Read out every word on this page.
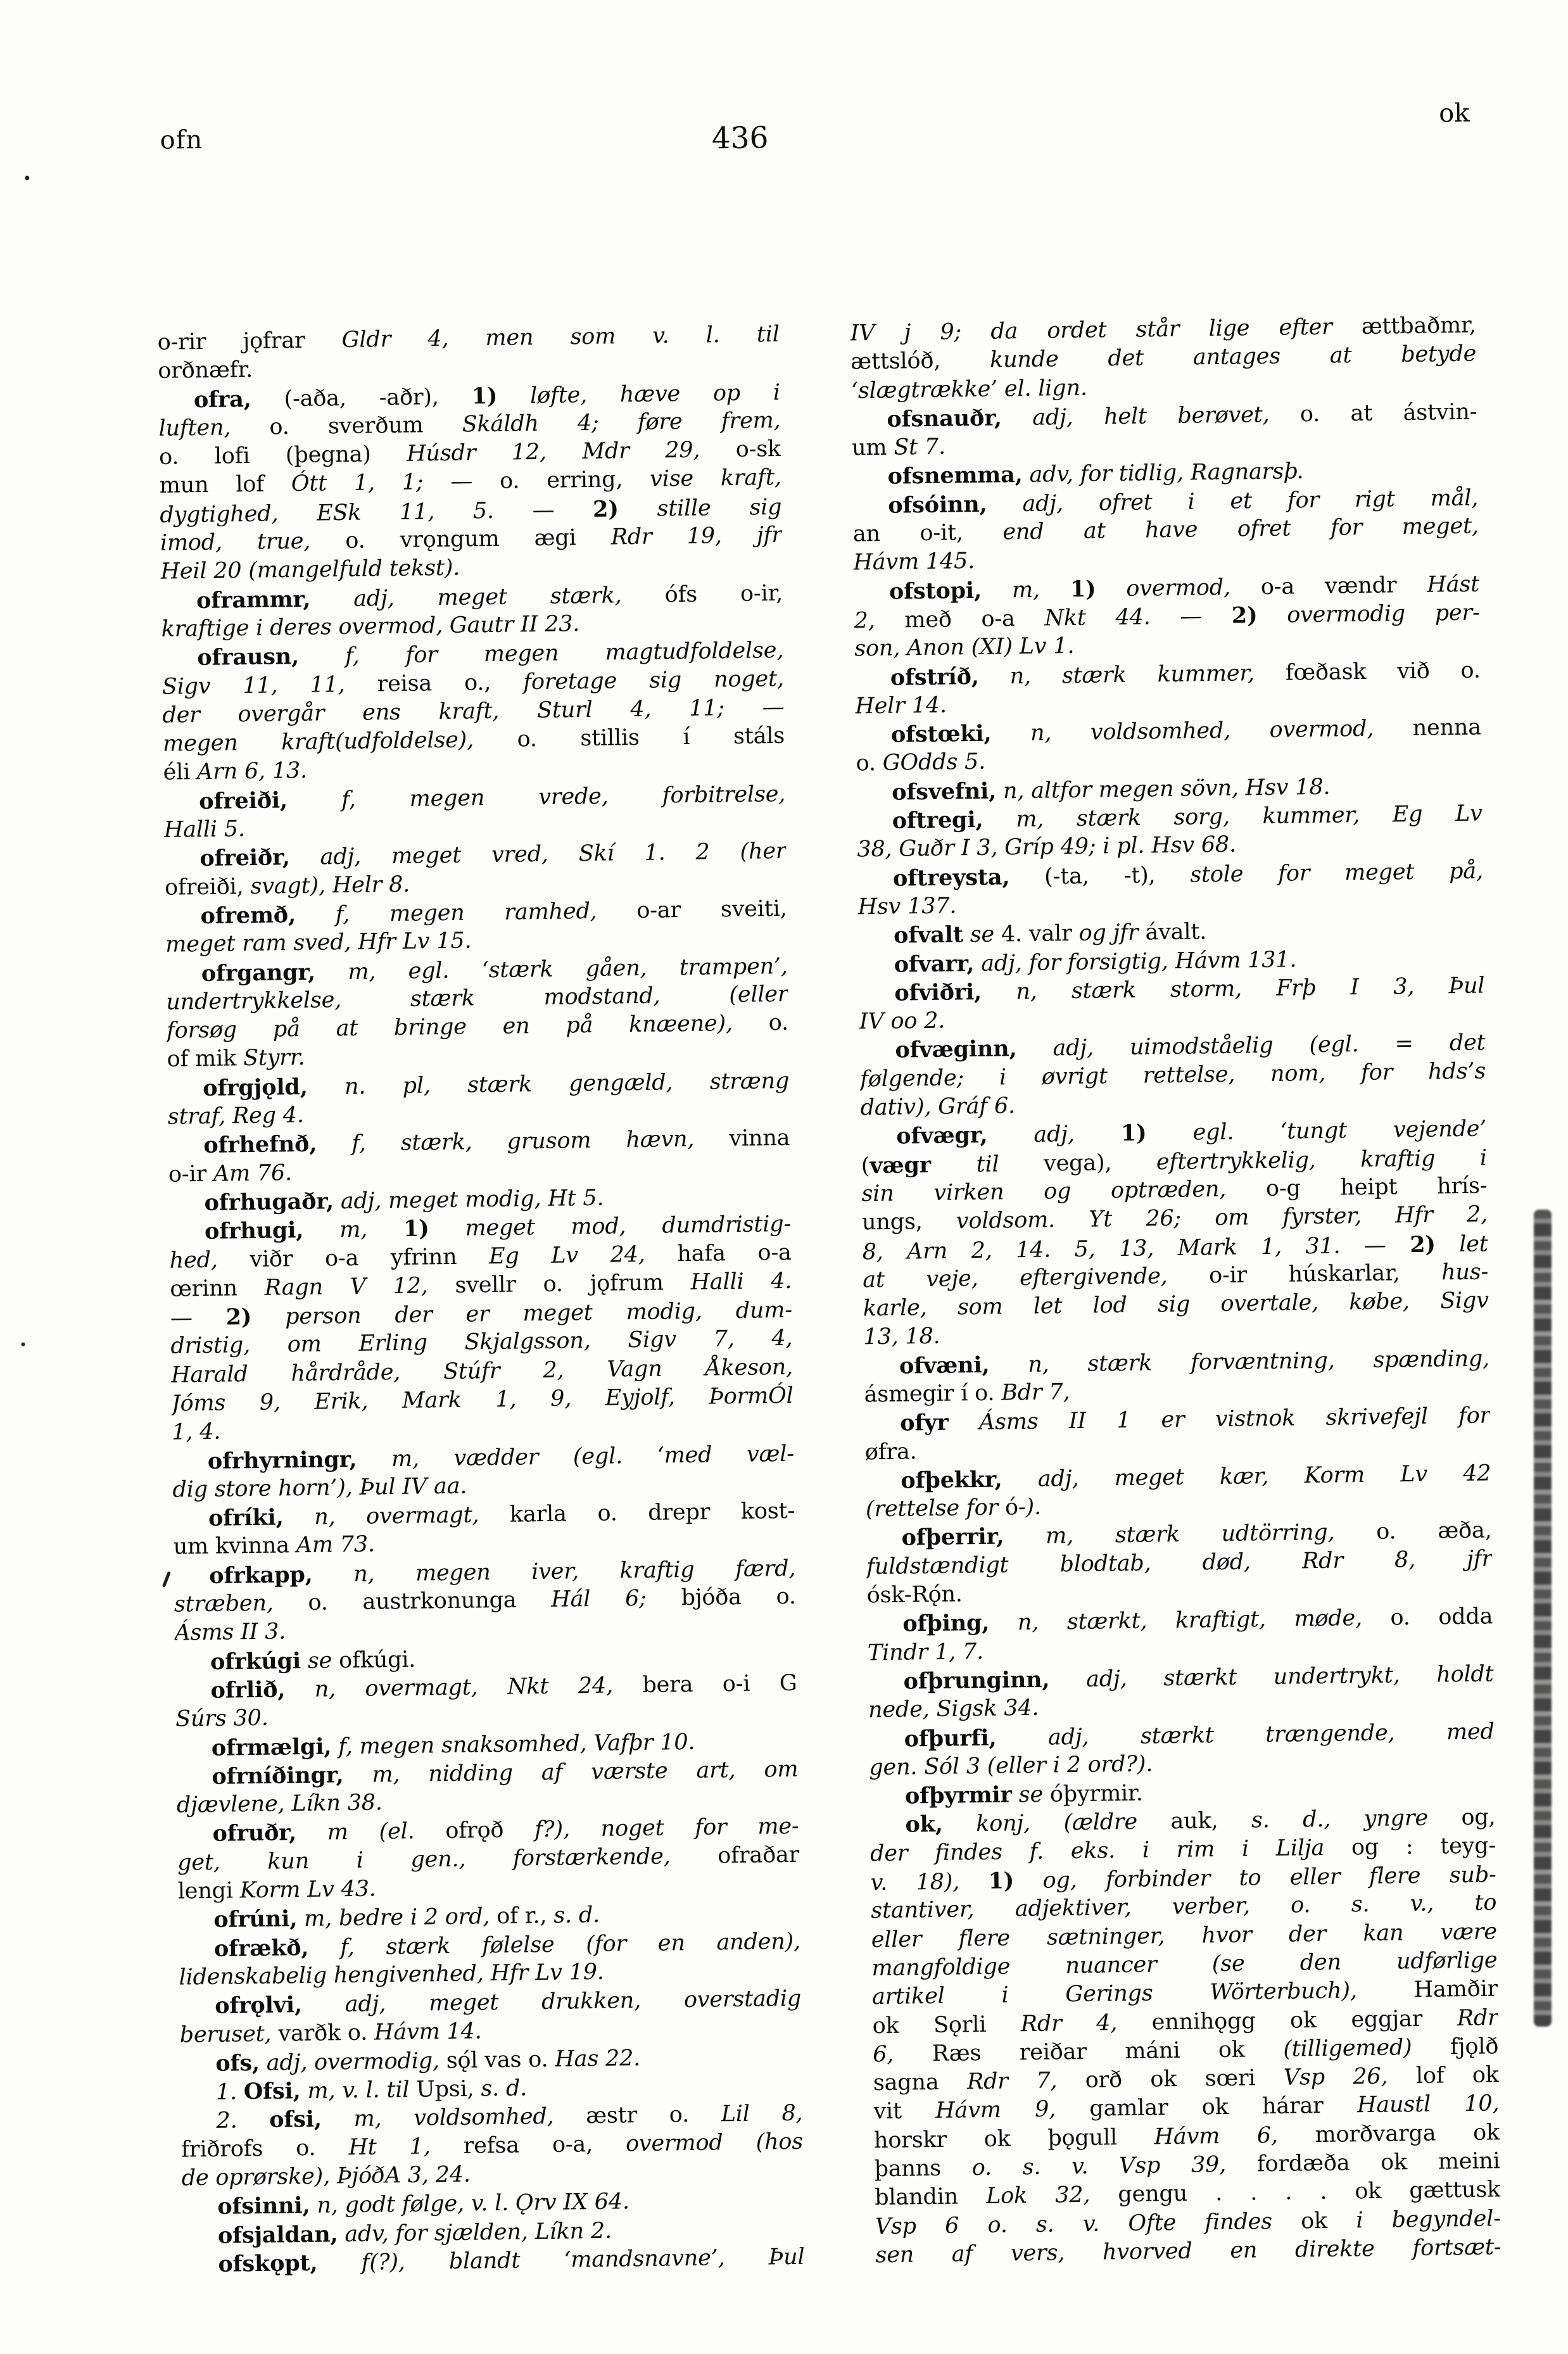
ofn	436
ok
o-rir jǫfrar Gldr 4, men som v. l. til
orðnæfr.
ofra, (-aða, -aðr), 1) løfte, hæve op i
luften, o. sverðum Skáldh 4; føre frem,
o. lofi (þegna) Húsdr 12, Mdr 29, o-sk
mun lof Ótt 1, 1; — o. erring, vise kraft,
dygtighed, ESk 11, 5. — 2) stille sig
imod, true, o. vrǫngum ægi Rdr 19, jfr
Heil 20 (mangelfuld tekst).
oframmr, adj, meget stærk, ófs o-ir,
kraftige i deres overmod, Gautr II 23.
ofrausn, f, for megen magtudfoldelse,
Sigv 11, 11, reisa o., foretage sig noget,
der overgår ens kraft, Sturl 4, 11; —
megen kraft(udfoldelse), o. stillis í stáls
éli Arn 6, 13.
ofreiði, f, megen vrede, forbitrelse,
Halli 5.
ofreiðr, adj, meget vred, Skí 1. 2 (her
ofreiði, svagt), Helr 8.
ofremð, f, megen ramhed, o-ar sveiti,
meget ram sved, Hfr Lv 15.
ofrgangr, m, egl. ‘stærk gåen, trampen’,
undertrykkelse, stærk modstand, (eller
forsøg på at bringe en på knæene), o.
of mik Styrr.
ofrgjǫld, n. pl, stærk gengæld, stræng
straf, Reg 4.
ofrhefnð, f, stærk, grusom hævn, vinna
o-ir Am 76.
ofrhugaðr, adj, meget modig, Ht 5.
ofrhugi, m, 1) meget mod, dumdristig-
hed, viðr o-a yfrinn Eg Lv 24, hafa o-a
œrinn Ragn V 12, svellr o. jǫfrum Halli 4.
— 2) person der er meget modig, dum-
dristig, om Erling Skjalgsson, Sigv 7, 4,
Harald hårdråde, Stúfr 2, Vagn Åkeson,
Jóms 9, Erik, Mark 1, 9, Eyjolf, ÞormÓl
1, 4.
ofrhyrningr, m, vædder (egl. ‘med væl-
dig store horn’), Þul IV aa.
ofríki, n, overmagt, karla o. drepr kost-
um kvinna Am 73.
ofrkapp, n, megen iver, kraftig færd,
stræben, o. austrkonunga Hál 6; bjóða o.
Ásms II 3.
ofrkúgi se ofkúgi.
ofrlið, n, overmagt, Nkt 24, bera o-i G
Súrs 30.
ofrmælgi, f, megen snaksomhed, Vafþr 10.
ofrníðingr, m, nidding af værste art, om
djævlene, Líkn 38.
ofruðr, m (el. ofrǫð f?), noget for me-
get, kun i gen., forstærkende, ofraðar
lengi Korm Lv 43.
ofrúni, m, bedre i 2 ord, of r., s. d.
ofrækð, f, stærk følelse (for en anden),
lidenskabelig hengivenhed, Hfr Lv 19.
ofrǫlvi, adj, meget drukken, overstadig
beruset, varðk o. Hávm 14.
ofs, adj, overmodig, sǫ́l vas o. Has 22.
1. Ofsi, m, v. l. til Upsi, s. d.
2. ofsi, m, voldsomhed, æstr o. Lil 8,
friðrofs o. Ht 1, refsa o-a, overmod (hos
de oprørske), ÞjóðA 3, 24.
ofsinni, n, godt følge, v. l. Ǫrv IX 64.
ofsjaldan, adv, for sjælden, Líkn 2.
ofskǫpt, f(?), blandt ‘mandsnavne’, Þul
IV j 9; da ordet står lige efter ættbaðmr,
ættslóð, kunde det antages at betyde
‘slægtrække’ el. lign.
ofsnauðr, adj, helt berøvet, o. at ástvin-
um St 7.
ofsnemma, adv, for tidlig, Ragnarsþ.
ofsóinn, adj, ofret i et for rigt mål,
an o-it, end at have ofret for meget,
Hávm 145.
ofstopi, m, 1) overmod, o-a vændr Hást
2, með o-a Nkt 44. — 2) overmodig per-
son, Anon (XI) Lv 1.
ofstríð, n, stærk kummer, fœðask við o.
Helr 14.
ofstœki, n, voldsomhed, overmod, nenna
o. GOdds 5.
ofsvefni, n, altfor megen sövn, Hsv 18.
oftregi, m, stærk sorg, kummer, Eg Lv
38, Guðr I 3, Gríp 49; i pl. Hsv 68.
oftreysta, (-ta, -t), stole for meget på,
Hsv 137.
ofvalt se 4. valr og jfr ávalt.
ofvarr, adj, for forsigtig, Hávm 131.
ofviðri, n, stærk storm, Frþ I 3, Þul
IV oo 2.
ofvæginn, adj, uimodståelig (egl. = det
følgende; i øvrigt rettelse, nom, for hds’s
dativ), Gráf 6.
ofvægr, adj, 1) egl. ‘tungt vejende’
(vægr til vega), eftertrykkelig, kraftig i
sin virken og optræden, o-g heipt hrís-
ungs, voldsom. Yt 26; om fyrster, Hfr 2,
8, Arn 2, 14. 5, 13, Mark 1, 31. — 2) let
at veje, eftergivende, o-ir húskarlar, hus-
karle, som let lod sig overtale, købe, Sigv
13, 18.
ofvæni, n, stærk forvæntning, spænding,
ásmegir í o. Bdr 7,
ofyr Ásms II 1 er vistnok skrivefejl for
øfra.
ofþekkr, adj, meget kær, Korm Lv 42
(rettelse for ó-).
ofþerrir, m, stærk udtörring, o. æða,
fuldstændigt blodtab, død, Rdr 8, jfr
ósk-Rǫ́n.
ofþing, n, stærkt, kraftigt, møde, o. odda
Tindr 1, 7.
ofþrunginn, adj, stærkt undertrykt, holdt
nede, Sigsk 34.
ofþurfi, adj, stærkt trængende, med
gen. Sól 3 (eller i 2 ord?).
ofþyrmir se óþyrmir.
ok, konj, (ældre auk, s. d., yngre og,
der findes f. eks. i rim i Lilja og : teyg-
v. 18), 1) og, forbinder to eller flere sub-
stantiver, adjektiver, verber, o. s. v., to
eller flere sætninger, hvor der kan være
mangfoldige nuancer (se den udførlige
artikel i Gerings Wörterbuch), Hamðir
ok Sǫrli Rdr 4, ennihǫgg ok eggjar Rdr
6, Ræs reiðar máni ok (tilligemed) fjǫlð
sagna Rdr 7, orð ok sœri Vsp 26, lof ok
vit Hávm 9, gamlar ok hárar Haustl 10,
horskr ok þǫgull Hávm 6, morðvarga ok
þanns o. s. v. Vsp 39, fordæða ok meini
blandin Lok 32, gengu . . . . ok gættusk
Vsp 6 o. s. v. Ofte findes ok i begyndel-
sen af vers, hvorved en direkte fortsæt-
